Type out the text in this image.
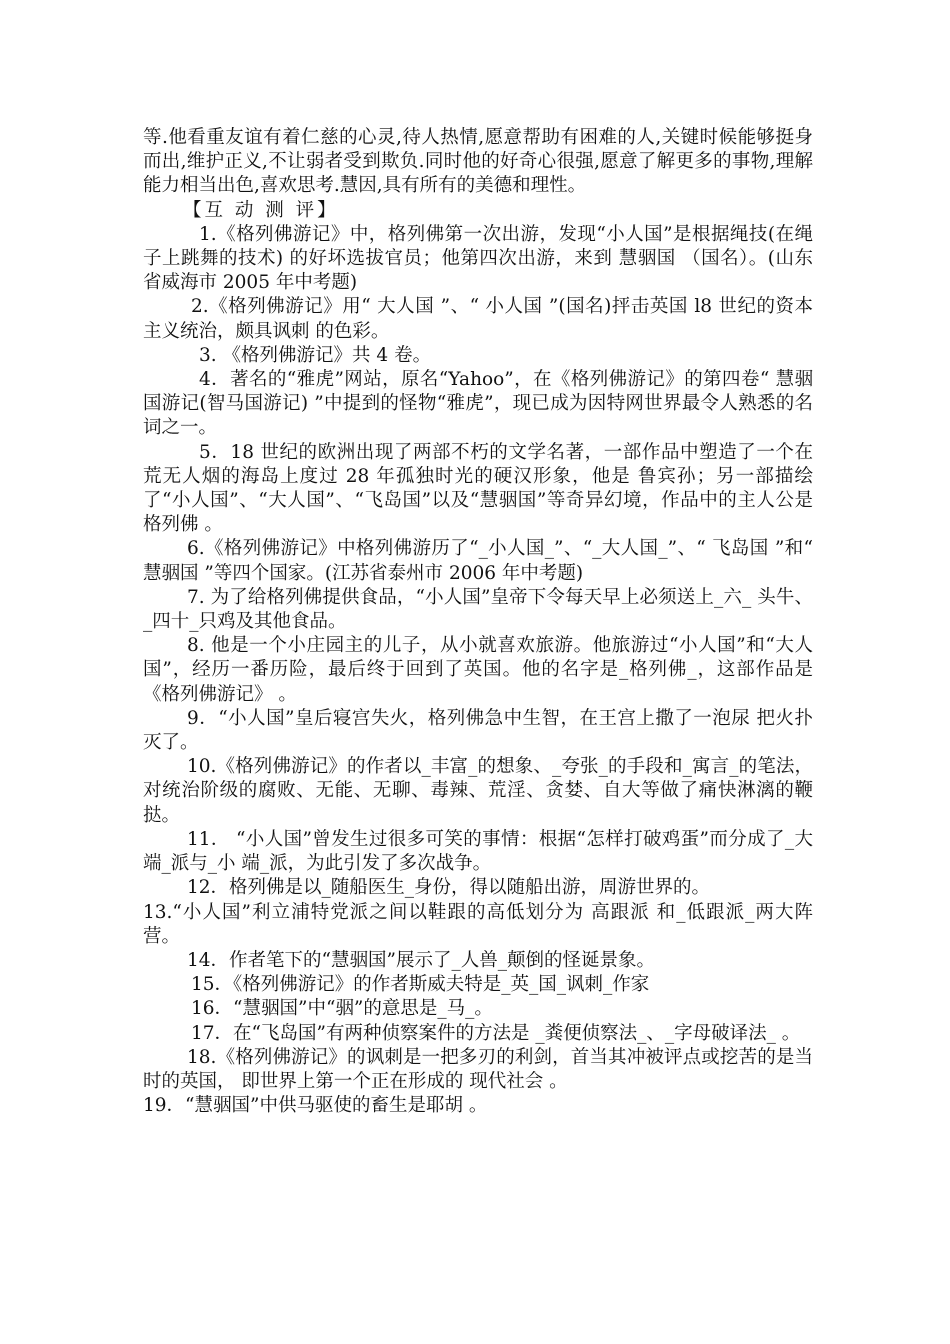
等.他看重友谊有着仁慈的心灵,待人热情,愿意帮助有困难的人,关键时候能够挺身而出,维护正义,不让弱者受到欺负.同时他的好奇心很强,愿意了解更多的事物,理解能力相当出色,喜欢思考.慧因,具有所有的美德和理性。

【互 动 测 评】

1.《格列佛游记》中，格列佛第一次出游，发现“小人国”是根据绳技(在绳子上跳舞的技术) 的好坏选拔官员；他第四次出游，来到 慧骃国 （国名）。(山东省威海市 2005 年中考题)

2.《格列佛游记》用“ 大人国 ”、“ 小人国 ”(国名)抨击英国 l8 世纪的资本主义统治，颇具讽刺 的色彩。

3. 《格列佛游记》共 4 卷。

4．著名的“雅虎”网站，原名“Yahoo”，在《格列佛游记》的第四卷“ 慧骃国游记(智马国游记) ”中提到的怪物“雅虎”，现已成为因特网世界最令人熟悉的名词之一。

5．18 世纪的欧洲出现了两部不朽的文学名著，一部作品中塑造了一个在荒无人烟的海岛上度过 28 年孤独时光的硬汉形象，他是 鲁宾孙；另一部描绘了“小人国”、“大人国”、“飞岛国”以及“慧骃国”等奇异幻境，作品中的主人公是 格列佛 。

6.《格列佛游记》中格列佛游历了“_小人国_”、“_大人国_”、“ 飞岛国 ”和“ 慧骃国 ”等四个国家。(江苏省泰州市 2006 年中考题)

7. 为了给格列佛提供食品，“小人国”皇帝下令每天早上必须送上_六_ 头牛、_四十_只鸡及其他食品。

8. 他是一个小庄园主的儿子，从小就喜欢旅游。他旅游过“小人国”和“大人国”，经历一番历险，最后终于回到了英国。他的名字是_格列佛_，这部作品是 《格列佛游记》 。

9．“小人国”皇后寝宫失火，格列佛急中生智，在王宫上撒了一泡尿 把火扑灭了。

10.《格列佛游记》的作者以_丰富_的想象、_夸张_的手段和_寓言_的笔法，对统治阶级的腐败、无能、无聊、毒辣、荒淫、贪婪、自大等做了痛快淋漓的鞭挞。

11． “小人国”曾发生过很多可笑的事情：根据“怎样打破鸡蛋”而分成了_大 端_派与_小 端_派，为此引发了多次战争。

12．格列佛是以_随船医生_身份，得以随船出游，周游世界的。

13.“小人国”利立浦特党派之间以鞋跟的高低划分为 高跟派 和_低跟派_两大阵营。

14．作者笔下的“慧骃国”展示了_人兽_颠倒的怪诞景象。

15．《格列佛游记》的作者斯威夫特是_英_国_讽刺_作家

16．“慧骃国”中“骃”的意思是_马_。

17．在“飞岛国”有两种侦察案件的方法是 _粪便侦察法_、_字母破译法_ 。

18.《格列佛游记》的讽刺是一把多刃的利剑，首当其冲被评点或挖苦的是当时的英国， 即世界上第一个正在形成的 现代社会 。

19．“慧骃国”中供马驱使的畜生是耶胡 。
